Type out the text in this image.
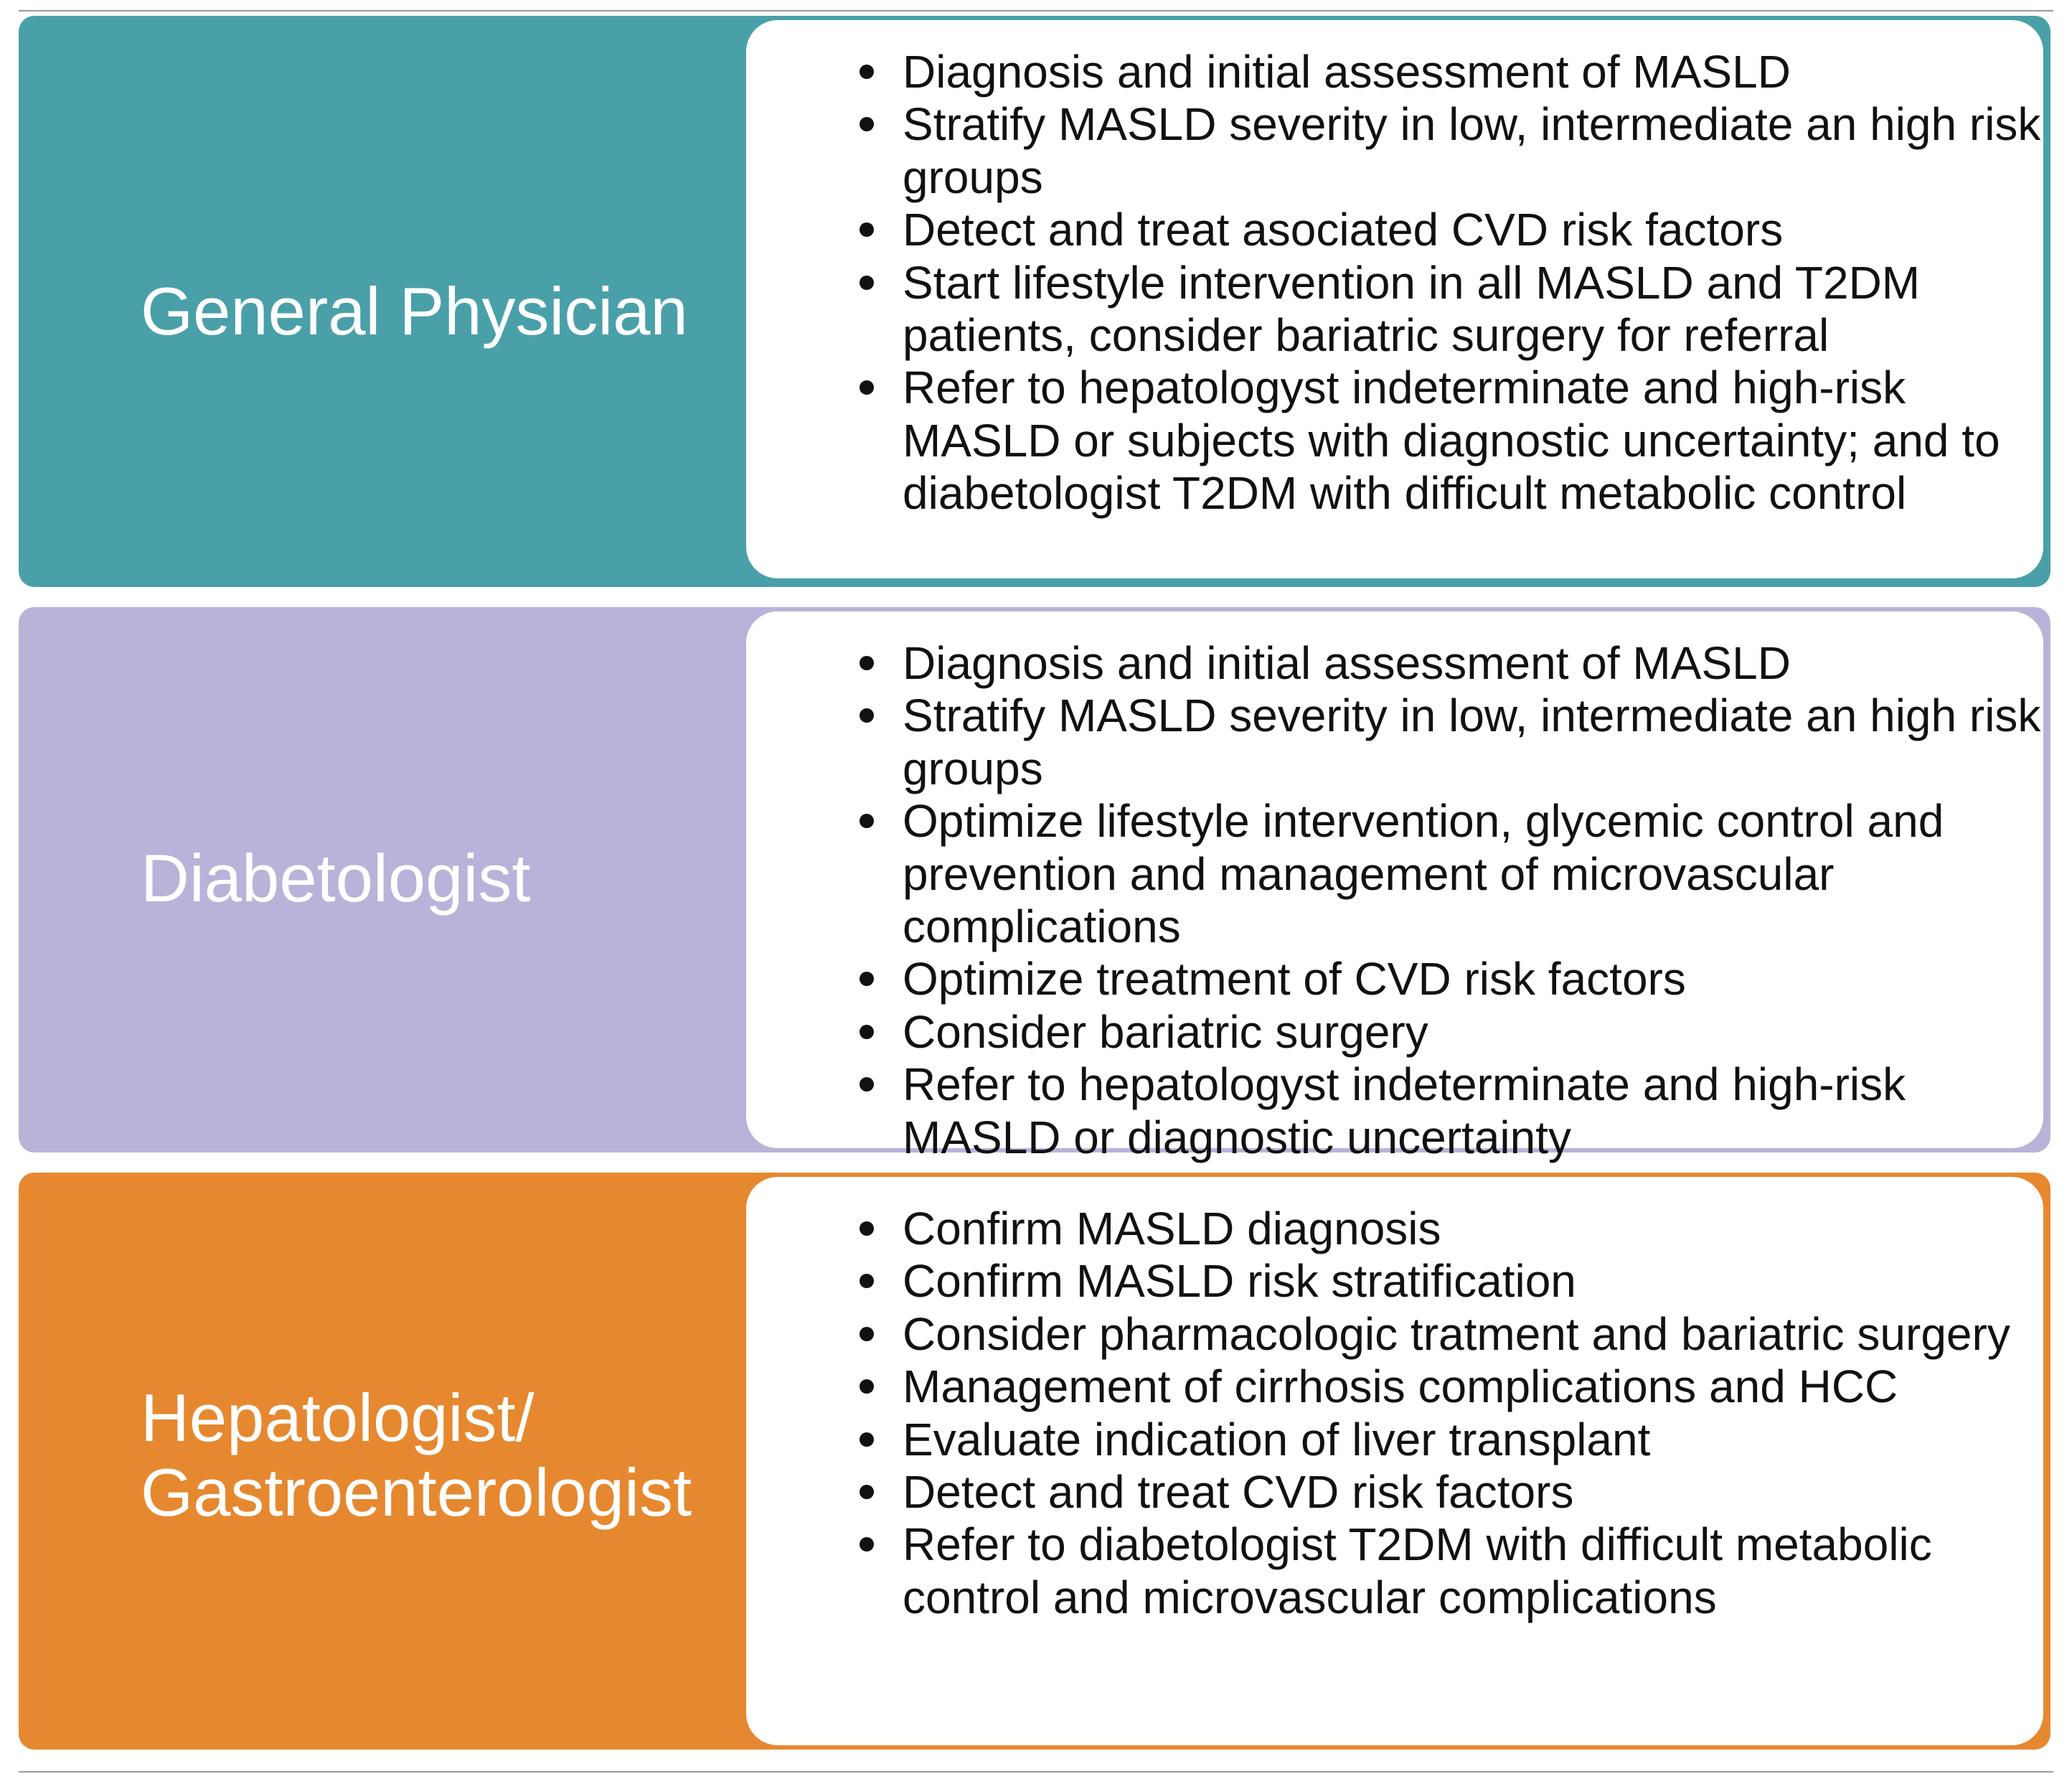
General Physician
Diagnosis and initial assessment of MASLD
Stratify MASLD severity in low, intermediate an high risk groups
Detect and treat asociated CVD risk factors
Start lifestyle intervention in all MASLD and T2DM patients, consider bariatric surgery for referral
Refer to hepatologyst indeterminate and high-risk MASLD or subjects with diagnostic uncertainty; and to diabetologist T2DM with difficult metabolic control
Diabetologist
Diagnosis and initial assessment of MASLD
Stratify MASLD severity in low, intermediate an high risk groups
Optimize lifestyle intervention, glycemic control and prevention and management of microvascular complications
Optimize treatment of CVD risk factors
Consider bariatric surgery
Refer to hepatologyst indeterminate and high-risk MASLD or diagnostic uncertainty
Hepatologist/
Gastroenterologist
Confirm MASLD diagnosis
Confirm MASLD risk stratification
Consider pharmacologic tratment and bariatric surgery
Management of cirrhosis complications and HCC
Evaluate indication of liver transplant
Detect and treat CVD risk factors
Refer to diabetologist T2DM with difficult metabolic control and microvascular complications
